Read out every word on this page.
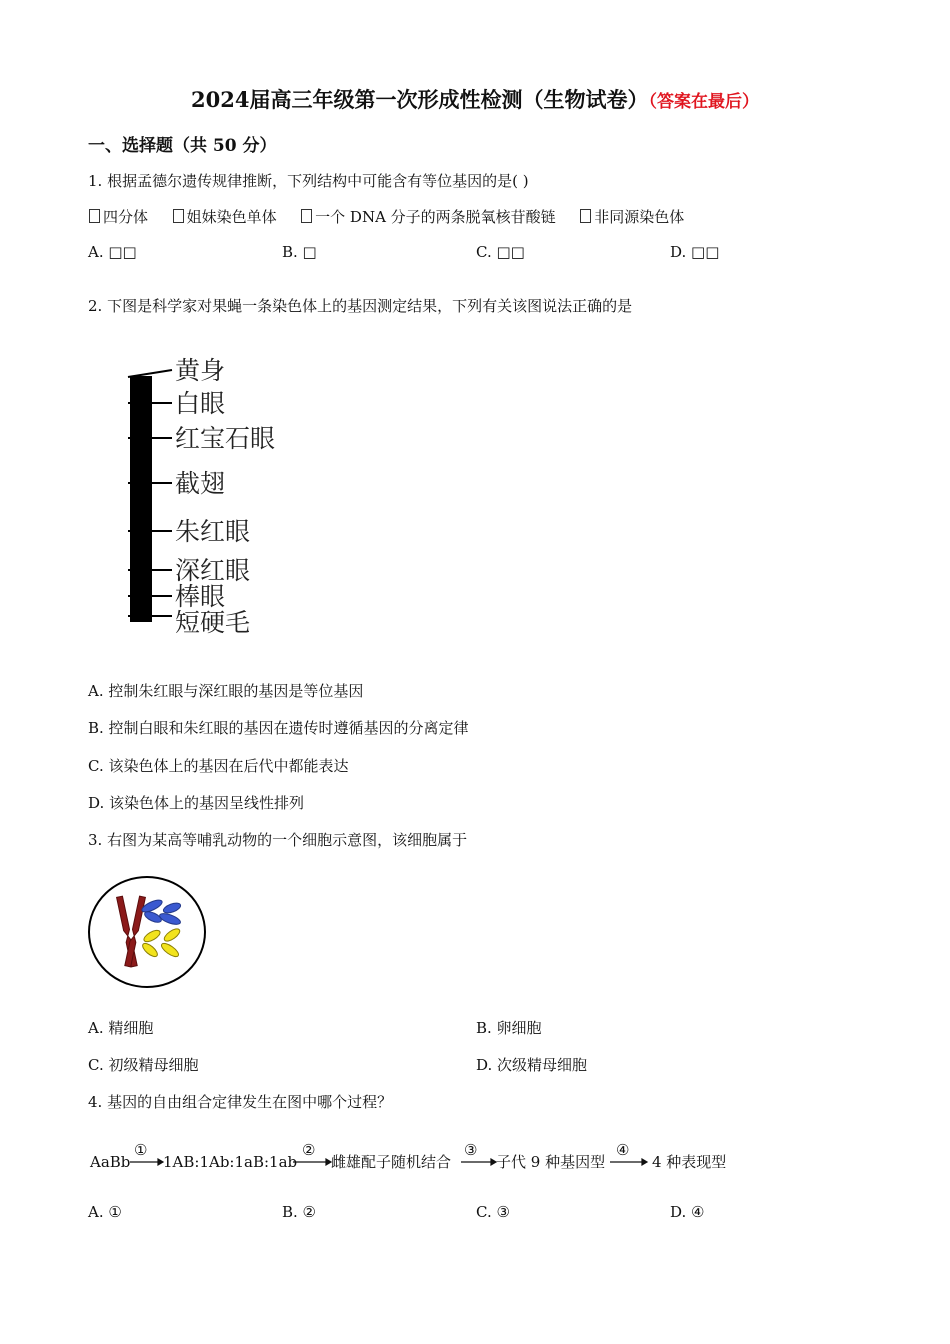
2024届高三年级第一次形成性检测（生物试卷）（答案在最后）
一、选择题（共 50 分）
1. 根据孟德尔遗传规律推断，下列结构中可能含有等位基因的是( )
四分体	姐妹染色单体	一个 DNA 分子的两条脱氧核苷酸链	非同源染色体
A. □□	B. □	C. □□	D. □□
2. 下图是科学家对果蝇一条染色体上的基因测定结果，下列有关该图说法正确的是
黄身
白眼
红宝石眼
截翅
朱红眼
深红眼
棒眼
短硬毛
A. 控制朱红眼与深红眼的基因是等位基因
B. 控制白眼和朱红眼的基因在遗传时遵循基因的分离定律
C. 该染色体上的基因在后代中都能表达
D. 该染色体上的基因呈线性排列
3. 右图为某高等哺乳动物的一个细胞示意图，该细胞属于
A. 精细胞	B. 卵细胞
C. 初级精母细胞	D. 次级精母细胞
4. 基因的自由组合定律发生在图中哪个过程？
AaBb 1AB:1Ab:1aB:1ab 雌雄配子随机结合	子代 9 种基因型	4 种表现型
①	②	③	④
A. ①	B. ②	C. ③	D. ④
